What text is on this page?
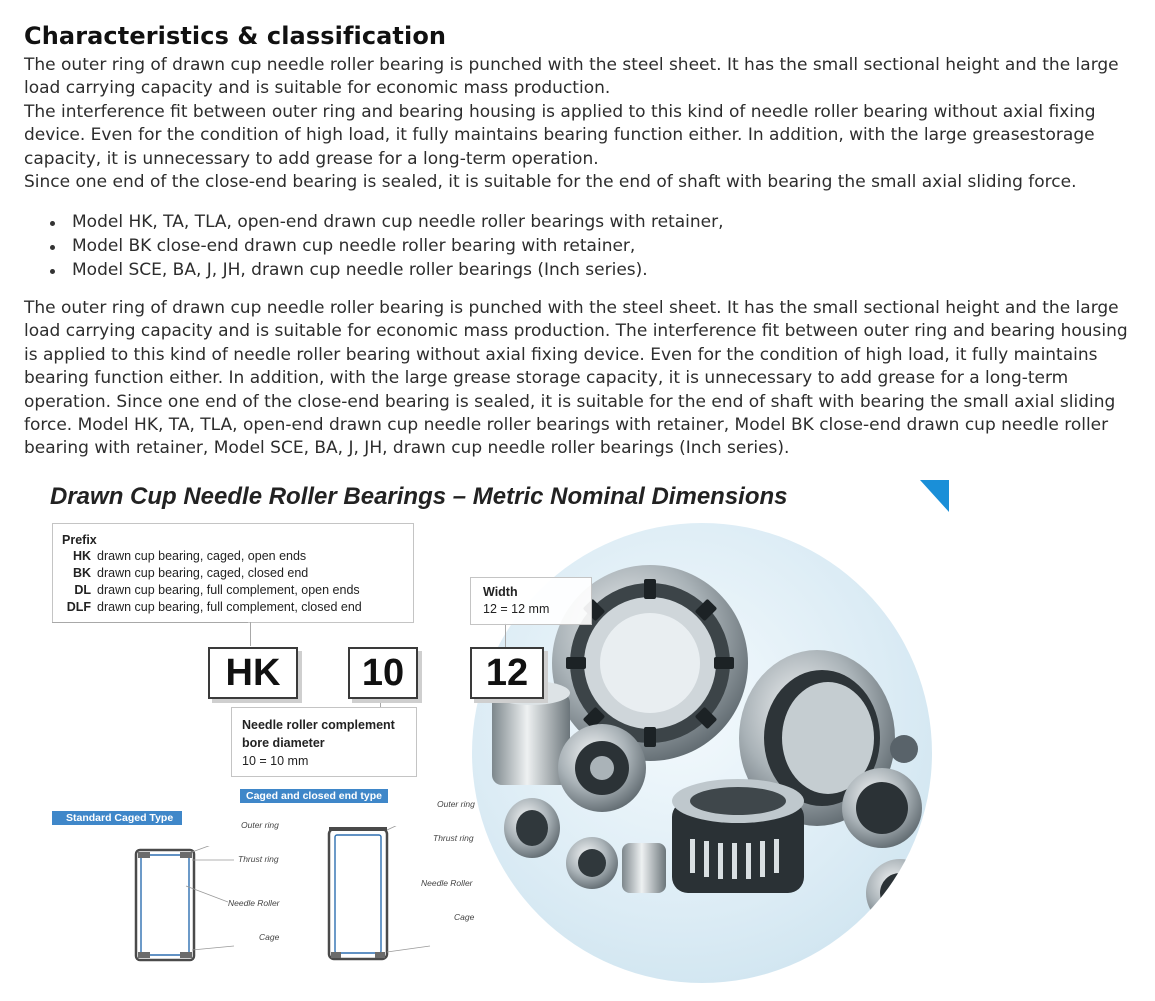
Characteristics & classification
The outer ring of drawn cup needle roller bearing is punched with the steel sheet. It has the small sectional height and the large load carrying capacity and is suitable for economic mass production.
The interference fit between outer ring and bearing housing is applied to this kind of needle roller bearing without axial fixing device. Even for the condition of high load, it fully maintains bearing function either. In addition, with the large greasestorage capacity, it is unnecessary to add grease for a long-term operation.
Since one end of the close-end bearing is sealed, it is suitable for the end of shaft with bearing the small axial sliding force.
Model HK, TA, TLA, open-end drawn cup needle roller bearings with retainer,
Model BK close-end drawn cup needle roller bearing with retainer,
Model SCE, BA, J, JH, drawn cup needle roller bearings (Inch series).

The outer ring of drawn cup needle roller bearing is punched with the steel sheet. It has the small sectional height and the large load carrying capacity and is suitable for economic mass production. The interference fit between outer ring and bearing housing is applied to this kind of needle roller bearing without axial fixing device. Even for the condition of high load, it fully maintains bearing function either. In addition, with the large grease storage capacity, it is unnecessary to add grease for a long-term operation. Since one end of the close-end bearing is sealed, it is suitable for the end of shaft with bearing the small axial sliding force. Model HK, TA, TLA, open-end drawn cup needle roller bearings with retainer, Model BK close-end drawn cup needle roller bearing with retainer, Model SCE, BA, J, JH, drawn cup needle roller bearings (Inch series).

Drawn Cup Needle Roller Bearings – Metric Nominal Dimensions
Prefix
HK drawn cup bearing, caged, open ends
BK drawn cup bearing, caged, closed end
DL drawn cup bearing, full complement, open ends
DLF drawn cup bearing, full complement, closed end
Width
12 = 12 mm
HK	10	12
Needle roller complement
bore diameter
10 = 10 mm
Caged and closed end type
Standard Caged Type
Outer ring
Thrust ring
Needle Roller
Cage
Outer ring
Thrust ring
Needle Roller
Cage
